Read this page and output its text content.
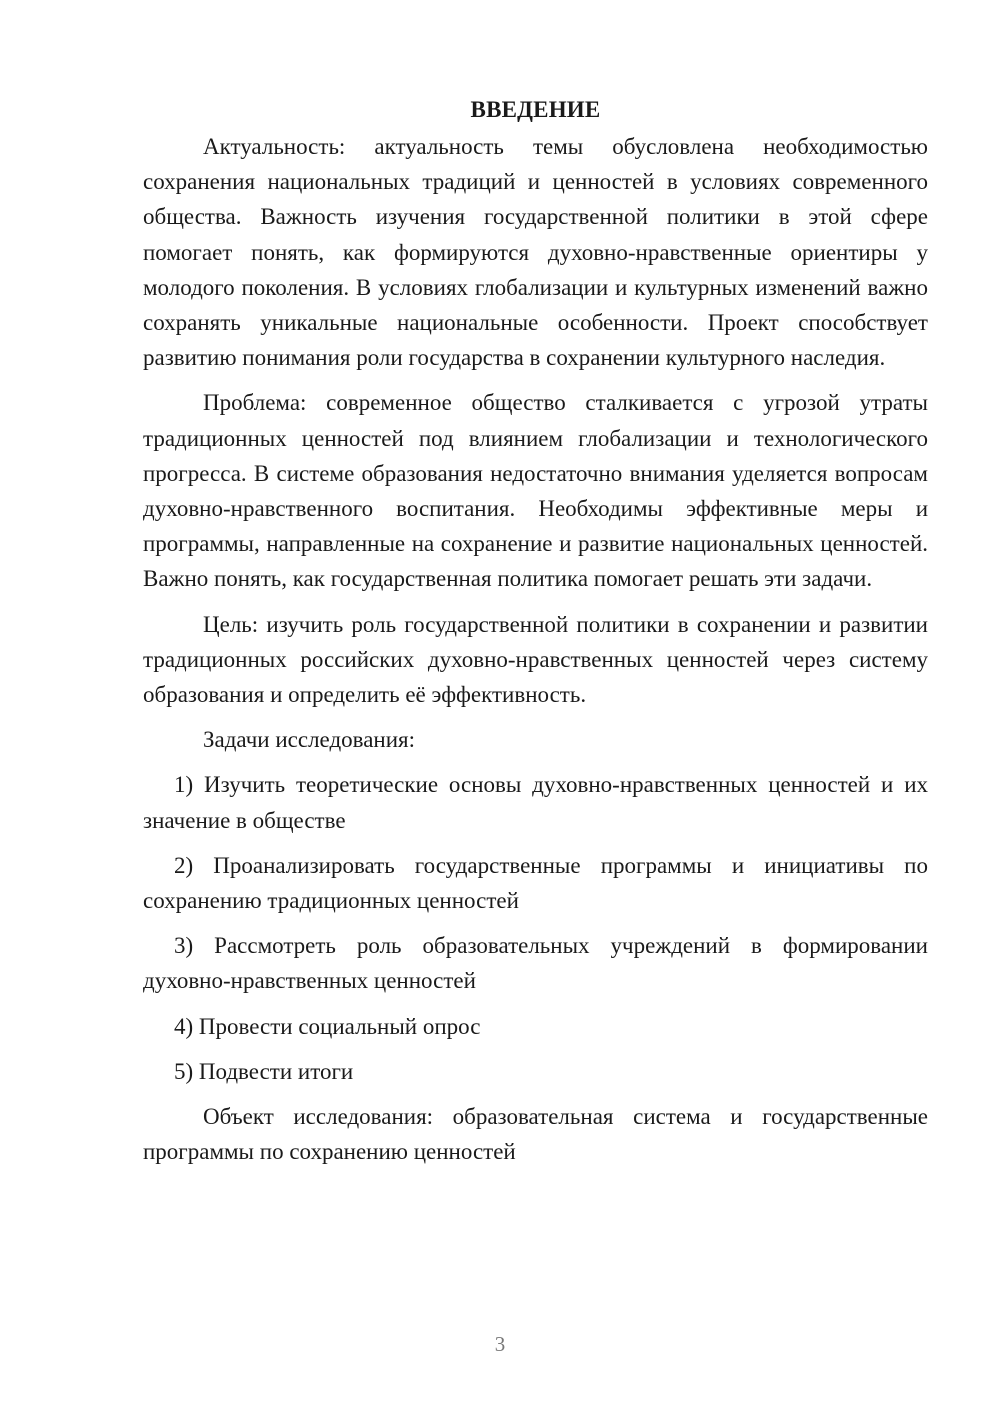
ВВЕДЕНИЕ

Актуальность: актуальность темы обусловлена необходимостью сохранения национальных традиций и ценностей в условиях современного общества. Важность изучения государственной политики в этой сфере помогает понять, как формируются духовно-нравственные ориентиры у молодого поколения. В условиях глобализации и культурных изменений важно сохранять уникальные национальные особенности. Проект способствует развитию понимания роли государства в сохранении культурного наследия.

Проблема: современное общество сталкивается с угрозой утраты традиционных ценностей под влиянием глобализации и технологического прогресса. В системе образования недостаточно внимания уделяется вопросам духовно-нравственного воспитания. Необходимы эффективные меры и программы, направленные на сохранение и развитие национальных ценностей. Важно понять, как государственная политика помогает решать эти задачи.

Цель: изучить роль государственной политики в сохранении и развитии традиционных российских духовно-нравственных ценностей через систему образования и определить её эффективность.

Задачи исследования:

1) Изучить теоретические основы духовно-нравственных ценностей и их значение в обществе

2) Проанализировать государственные программы и инициативы по сохранению традиционных ценностей

3) Рассмотреть роль образовательных учреждений в формировании духовно-нравственных ценностей

4) Провести социальный опрос

5) Подвести итоги

Объект исследования: образовательная система и государственные программы по сохранению ценностей

3
